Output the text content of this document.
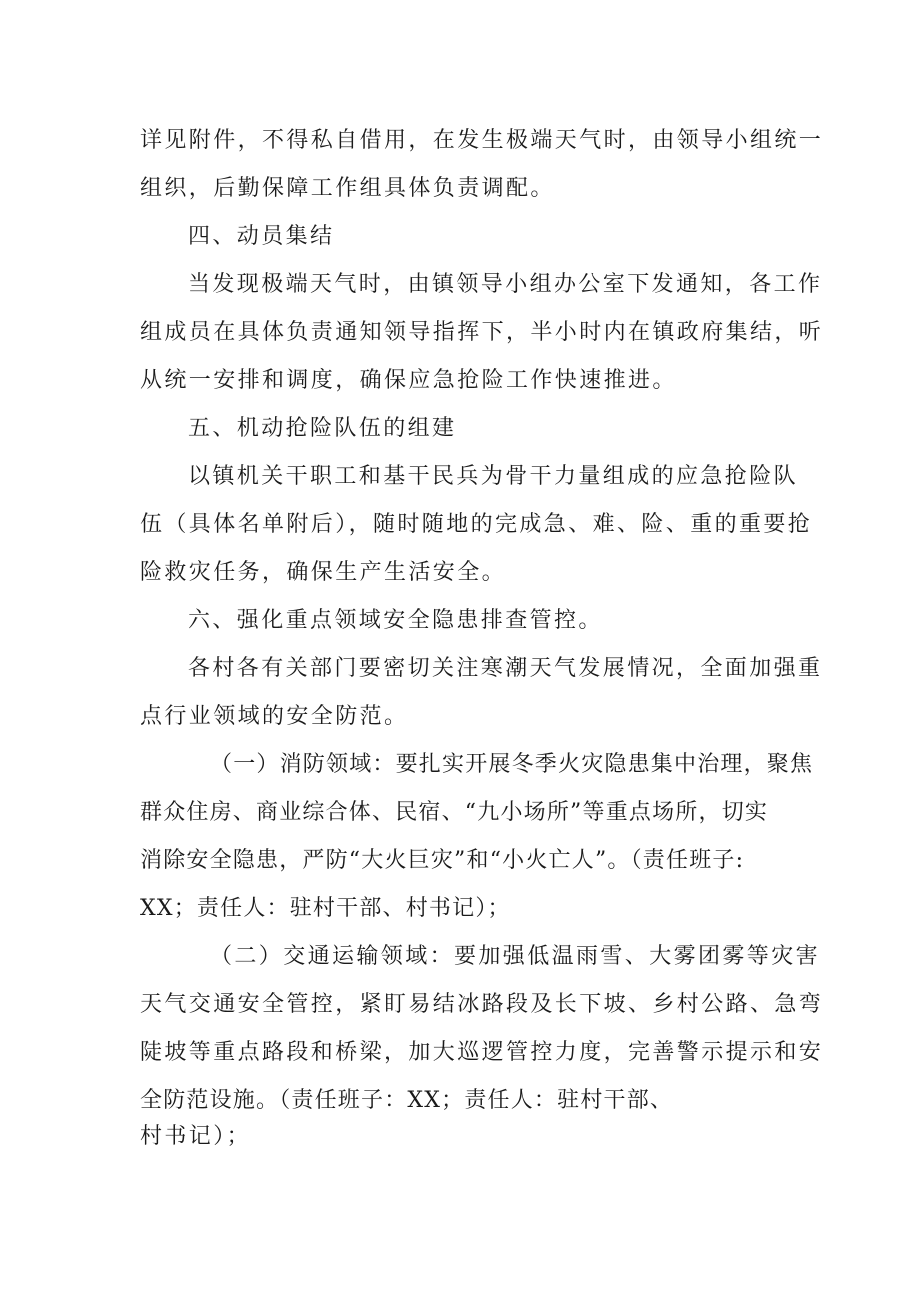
详见附件，不得私自借用，在发生极端天气时，由领导小组统一
组织，后勤保障工作组具体负责调配。
四、动员集结
当发现极端天气时，由镇领导小组办公室下发通知，各工作
组成员在具体负责通知领导指挥下，半小时内在镇政府集结，听
从统一安排和调度，确保应急抢险工作快速推进。
五、机动抢险队伍的组建
以镇机关干职工和基干民兵为骨干力量组成的应急抢险队
伍（具体名单附后），随时随地的完成急、难、险、重的重要抢
险救灾任务，确保生产生活安全。
六、强化重点领域安全隐患排查管控。
各村各有关部门要密切关注寒潮天气发展情况，全面加强重
点行业领域的安全防范。
（一）消防领域：要扎实开展冬季火灾隐患集中治理，聚焦
群众住房、商业综合体、民宿、“九小场所”等重点场所，切实
消除安全隐患，严防“大火巨灾”和“小火亡人”。（责任班子:
XX；责任人：驻村干部、村书记）；
（二）交通运输领域：要加强低温雨雪、大雾团雾等灾害
天气交通安全管控，紧盯易结冰路段及长下坡、乡村公路、急弯
陡坡等重点路段和桥梁，加大巡逻管控力度，完善警示提示和安
全防范设施。（责任班子：XX；责任人：驻村干部、
村书记）；
